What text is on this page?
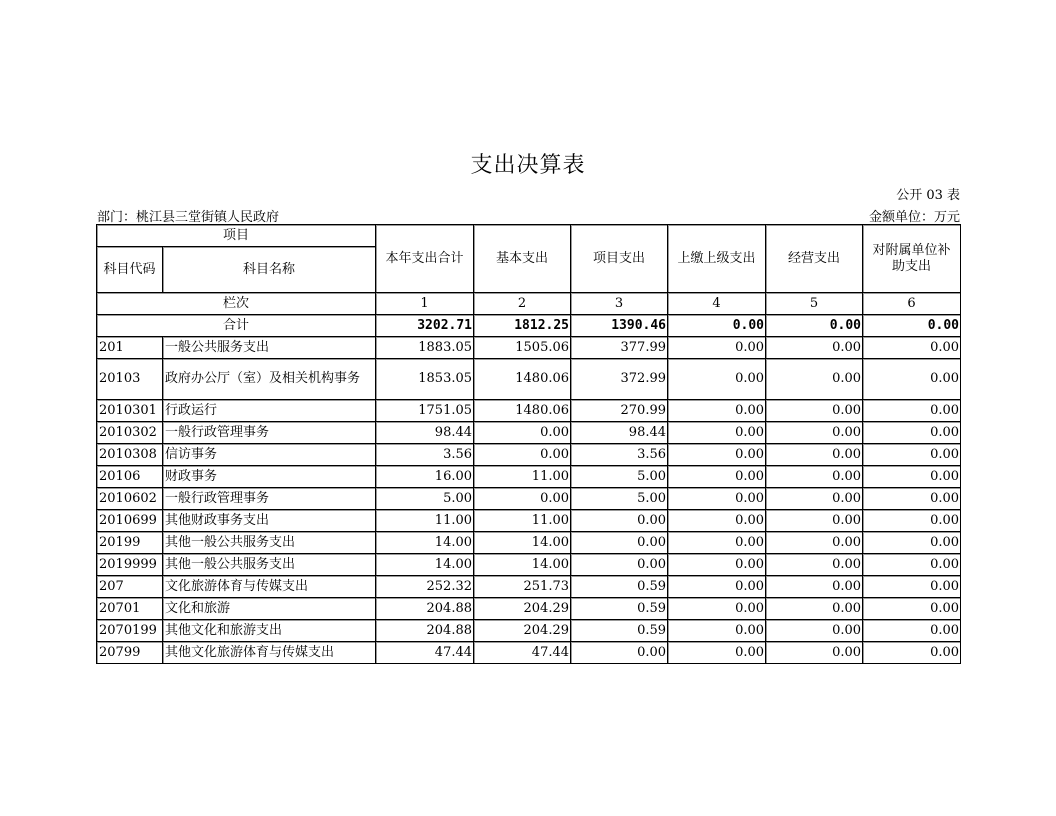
支出决算表
公开 03 表
部门：桃江县三堂街镇人民政府	金额单位：万元
项目		本年支出合计	基本支出	项目支出	上缴上级支出	经营支出	对附属单位补助支出
科目代码	科目名称						
栏次		1	2	3	4	5	6
合计		3202.71	1812.25	1390.46	0.00	0.00	0.00
201	一般公共服务支出	1883.05	1505.06	377.99	0.00	0.00	0.00
20103	政府办公厅（室）及相关机构事务	1853.05	1480.06	372.99	0.00	0.00	0.00
2010301	行政运行	1751.05	1480.06	270.99	0.00	0.00	0.00
2010302	一般行政管理事务	98.44	0.00	98.44	0.00	0.00	0.00
2010308	信访事务	3.56	0.00	3.56	0.00	0.00	0.00
20106	财政事务	16.00	11.00	5.00	0.00	0.00	0.00
2010602	一般行政管理事务	5.00	0.00	5.00	0.00	0.00	0.00
2010699	其他财政事务支出	11.00	11.00	0.00	0.00	0.00	0.00
20199	其他一般公共服务支出	14.00	14.00	0.00	0.00	0.00	0.00
2019999	其他一般公共服务支出	14.00	14.00	0.00	0.00	0.00	0.00
207	文化旅游体育与传媒支出	252.32	251.73	0.59	0.00	0.00	0.00
20701	文化和旅游	204.88	204.29	0.59	0.00	0.00	0.00
2070199	其他文化和旅游支出	204.88	204.29	0.59	0.00	0.00	0.00
20799	其他文化旅游体育与传媒支出	47.44	47.44	0.00	0.00	0.00	0.00
